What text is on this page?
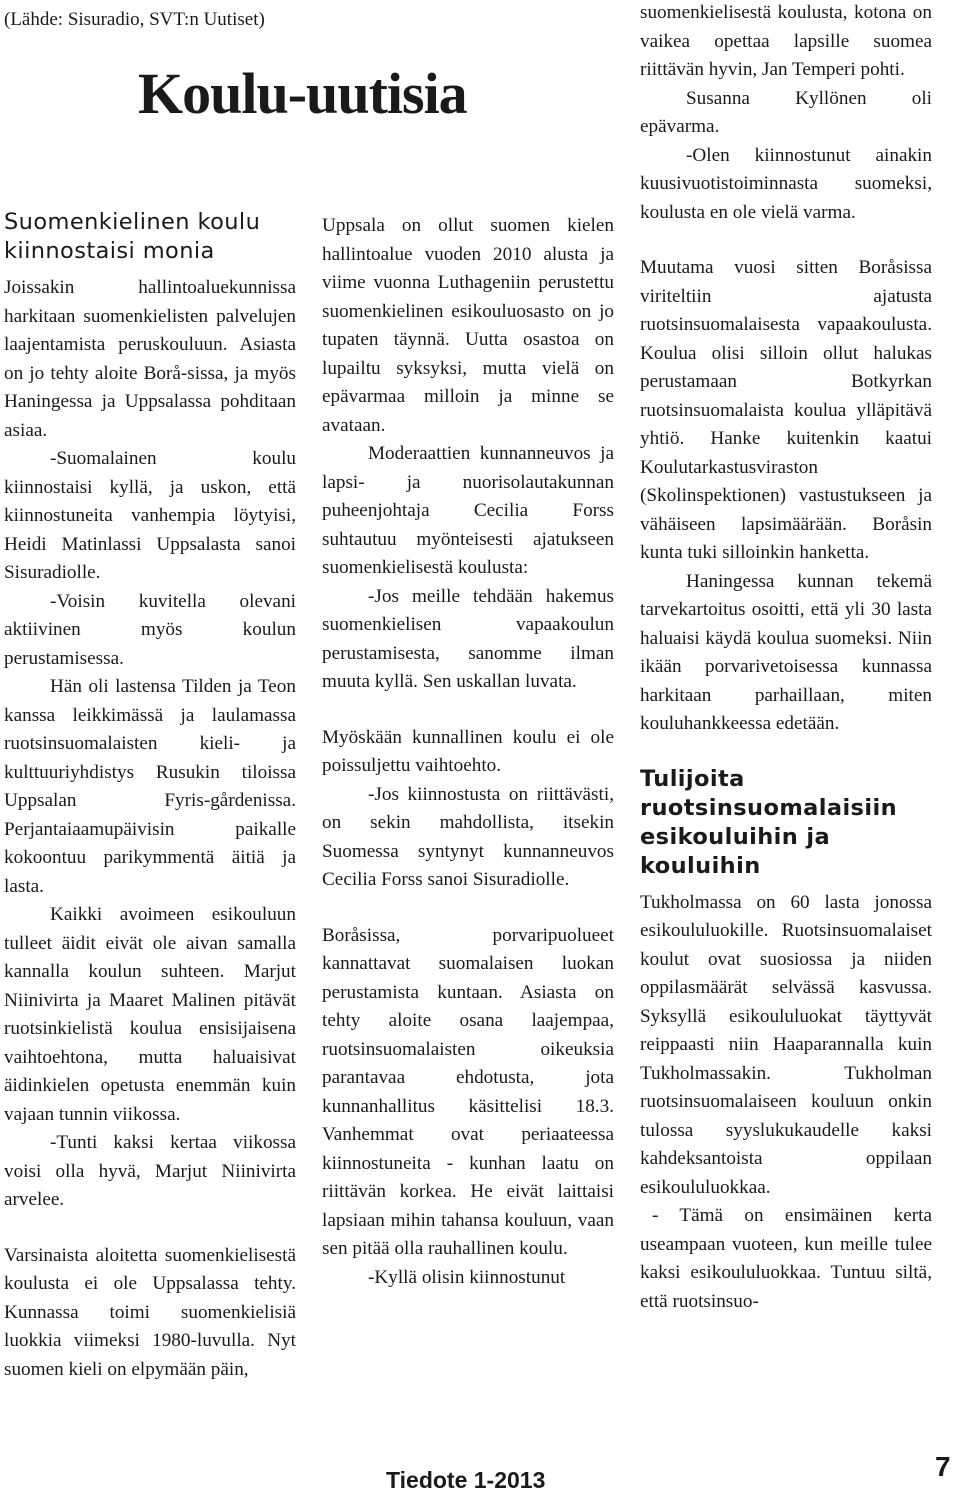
(Lähde: Sisuradio, SVT:n Uutiset)
Koulu-uutisia
Suomenkielinen koulu kiinnostaisi monia

Joissakin hallintoaluekunnissa harkitaan suomenkielisten palvelujen laajentamista peruskouluun. Asiasta on jo tehty aloite Borå-sissa, ja myös Haningessa ja Uppsalassa pohditaan asiaa.

-Suomalainen koulu kiinnostaisi kyllä, ja uskon, että kiinnostuneita vanhempia löytyisi, Heidi Matinlassi Uppsalasta sanoi Sisuradiolle.

-Voisin kuvitella olevani aktiivinen myös koulun perustamisessa.

Hän oli lastensa Tilden ja Teon kanssa leikkimässä ja laulamassa ruotsinsuomalaisten kieli- ja kulttuuriyhdistys Rusukin tiloissa Uppsalan Fyris-gårdenissa. Perjantaiaamupäivisin paikalle kokoontuu parikymmentä äitiä ja lasta.

Kaikki avoimeen esikouluun tulleet äidit eivät ole aivan samalla kannalla koulun suhteen. Marjut Niinivirta ja Maaret Malinen pitävät ruotsinkielistä koulua ensisijaisena vaihtoehtona, mutta haluaisivat äidinkielen opetusta enemmän kuin vajaan tunnin viikossa.

-Tunti kaksi kertaa viikossa voisi olla hyvä, Marjut Niinivirta arvelee.

Varsinaista aloitetta suomenkielisestä koulusta ei ole Uppsalassa tehty. Kunnassa toimi suomenkielisiä luokkia viimeksi 1980-luvulla. Nyt suomen kieli on elpymään päin,

Uppsala on ollut suomen kielen hallintoalue vuoden 2010 alusta ja viime vuonna Luthageniin perustettu suomenkielinen esikouluosasto on jo tupaten täynnä. Uutta osastoa on lupailtu syksyksi, mutta vielä on epävarmaa milloin ja minne se avataan.

Moderaattien kunnanneuvos ja lapsi- ja nuorisolautakunnan puheenjohtaja Cecilia Forss suhtautuu myönteisesti ajatukseen suomenkielisestä koulusta:

-Jos meille tehdään hakemus suomenkielisen vapaakoulun perustamisesta, sanomme ilman muuta kyllä. Sen uskallan luvata.

Myöskään kunnallinen koulu ei ole poissuljettu vaihtoehto.

-Jos kiinnostusta on riittävästi, on sekin mahdollista, itsekin Suomessa syntynyt kunnanneuvos Cecilia Forss sanoi Sisuradiolle.

Boråsissa, porvaripuolueet kannattavat suomalaisen luokan perustamista kuntaan. Asiasta on tehty aloite osana laajempaa, ruotsinsuomalaisten oikeuksia parantavaa ehdotusta, jota kunnanhallitus käsittelisi 18.3. Vanhemmat ovat periaateessa kiinnostuneita - kunhan laatu on riittävän korkea. He eivät laittaisi lapsiaan mihin tahansa kouluun, vaan sen pitää olla rauhallinen koulu.

-Kyllä olisin kiinnostunut

suomenkielisestä koulusta, kotona on vaikea opettaa lapsille suomea riittävän hyvin, Jan Temperi pohti.

Susanna Kyllönen oli epävarma.

-Olen kiinnostunut ainakin kuusivuotistoiminnasta suomeksi, koulusta en ole vielä varma.

Muutama vuosi sitten Boråsissa viriteltiin ajatusta ruotsinsuomalaisesta vapaakoulusta. Koulua olisi silloin ollut halukas perustamaan Botkyrkan ruotsinsuomalaista koulua ylläpitävä yhtiö. Hanke kuitenkin kaatui Koulutarkastusviraston (Skolinspektionen) vastustukseen ja vähäiseen lapsimäärään. Boråsin kunta tuki silloinkin hanketta.

Haningessa kunnan tekemä tarvekartoitus osoitti, että yli 30 lasta haluaisi käydä koulua suomeksi. Niin ikään porvarivetoisessa kunnassa harkitaan parhaillaan, miten kouluhankkeessa edetään.

Tulijoita ruotsinsuomalaisiin esikouluihin ja kouluihin

Tukholmassa on 60 lasta jonossa esikoululuokille. Ruotsinsuomalaiset koulut ovat suosiossa ja niiden oppilasmäärät selvässä kasvussa. Syksyllä esikoululuokat täyttyvät reippaasti niin Haaparannalla kuin Tukholmassakin. Tukholman ruotsinsuomalaiseen kouluun onkin tulossa syyslukukaudelle kaksi kahdeksantoista oppilaan esikoululuokkaa.

- Tämä on ensimäinen kerta useampaan vuoteen, kun meille tulee kaksi esikoululuokkaa. Tuntuu siltä, että ruotsinsuo-

Tiedote 1-2013	7
